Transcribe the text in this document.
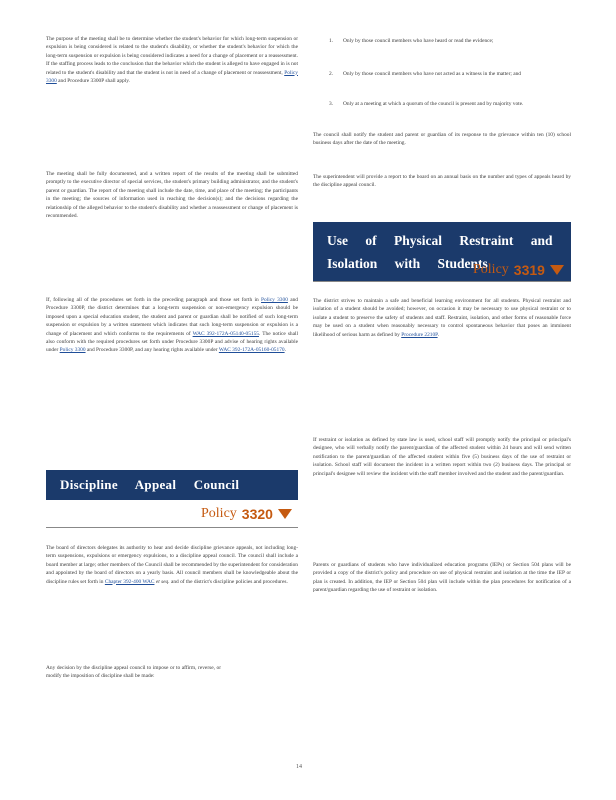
The purpose of the meeting shall be to determine whether the student's behavior for which long-term suspension or expulsion is being considered is related to the student's disability, or whether the student's behavior for which the long-term suspension or expulsion is being considered indicates a need for a change of placement or a reassessment. If the staffing process leads to the conclusion that the behavior which the student is alleged to have engaged in is not related to the student's disability and that the student is not in need of a change of placement or reassessment, Policy 3300 and Procedure 3300P shall apply.

The meeting shall be fully documented, and a written report of the results of the meeting shall be submitted promptly to the executive director of special services, the student's primary building administrator, and the student's parent or guardian. The report of the meeting shall include the date, time, and place of the meeting; the participants in the meeting; the sources of information used in reaching the decision(s); and the decisions regarding the relationship of the alleged behavior to the student's disability and whether a reassessment or change of placement is recommended.

If, following all of the procedures set forth in the preceding paragraph and those set forth in Policy 3300 and Procedure 3300P, the district determines that a long-term suspension or non-emergency expulsion should be imposed upon a special education student, the student and parent or guardian shall be notified of such long-term suspension or expulsion by a written statement which indicates that such long-term suspension or expulsion is a change of placement and which conforms to the requirements of WAC 392-172A-05140-05155. The notice shall also conform with the required procedures set forth under Procedure 3300P and advise of hearing rights available under Policy 3300 and Procedure 3300P, and any hearing rights available under WAC 392-172A-05160-05170.

Discipline Appeal Council
Policy 3320

The board of directors delegates its authority to hear and decide discipline grievance appeals, not including long-term suspensions, expulsions or emergency expulsions, to a discipline appeal council. The council shall include a board member at large; other members of the Council shall be recommended by the superintendent for consideration and appointed by the board of directors on a yearly basis. All council members shall be knowledgeable about the discipline rules set forth in Chapter 392-400 WAC et seq. and of the district's discipline policies and procedures.

Any decision by the discipline appeal council to impose or to affirm, reverse, or modify the imposition of discipline shall be made:

1. Only by those council members who have heard or read the evidence;
2. Only by those council members who have not acted as a witness in the matter; and
3. Only at a meeting at which a quorum of the council is present and by majority vote.

The council shall notify the student and parent or guardian of its response to the grievance within ten (10) school business days after the date of the meeting.

The superintendent will provide a report to the board on an annual basis on the number and types of appeals heard by the discipline appeal council.

Use of Physical Restraint and
Isolation with Students
Policy 3319

The district strives to maintain a safe and beneficial learning environment for all students. Physical restraint and isolation of a student should be avoided; however, on occasion it may be necessary to use physical restraint or to isolate a student to preserve the safety of students and staff. Restraint, isolation, and other forms of reasonable force may be used on a student when reasonably necessary to control spontaneous behavior that poses an imminent likelihood of serious harm as defined by Procedure 2210P.

If restraint or isolation as defined by state law is used, school staff will promptly notify the principal or principal's designee, who will verbally notify the parent/guardian of the affected student within 24 hours and will send written notification to the parent/guardian of the affected student within five (5) business days of the use of restraint or isolation. School staff will document the incident in a written report within two (2) business days. The principal or principal's designee will review the incident with the staff member involved and the student and the parent/guardian.

Parents or guardians of students who have individualized education programs (IEPs) or Section 504 plans will be provided a copy of the district's policy and procedure on use of physical restraint and isolation at the time the IEP or plan is created. In addition, the IEP or Section 504 plan will include within the plan procedures for notification of a parent/guardian regarding the use of restraint or isolation.

14
